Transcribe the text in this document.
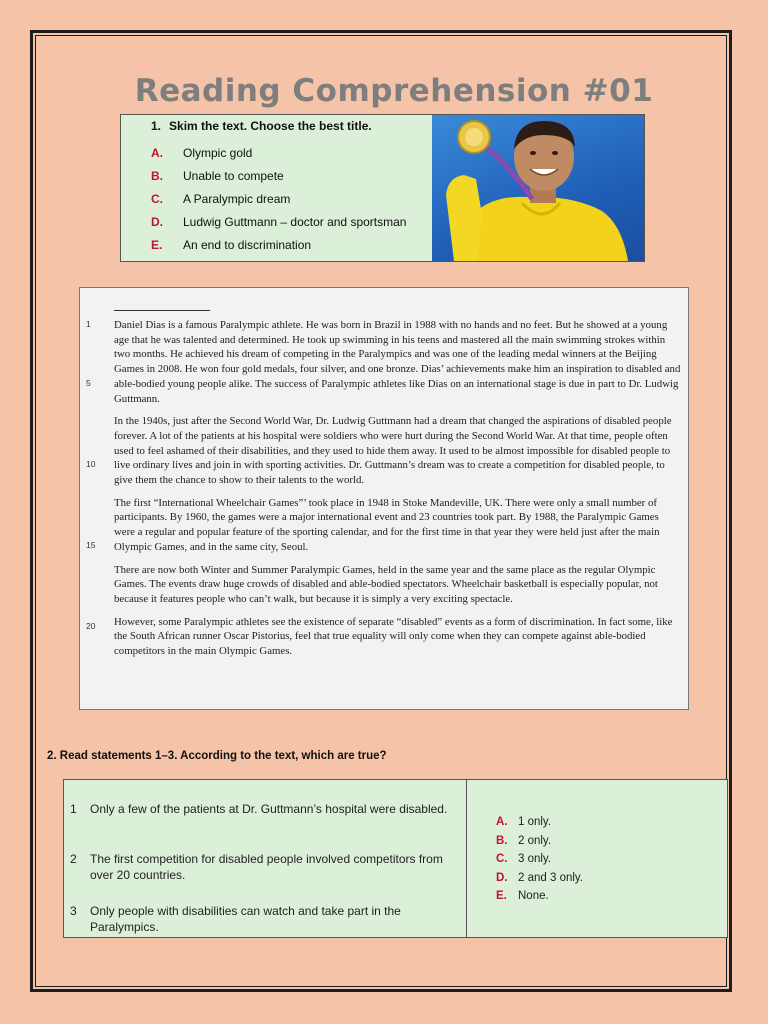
Reading Comprehension #01

1. Skim the text. Choose the best title.

A.	Olympic gold
B.	Unable to compete
C.	A Paralympic dream
D.	Ludwig Guttmann – doctor and sportsman
E.	An end to discrimination
1
5
10
15
20

Daniel Dias is a famous Paralympic athlete. He was born in Brazil in 1988 with no hands and no feet. But he showed at a young age that he was talented and determined. He took up swimming in his teens and mastered all the main swimming strokes within two months. He achieved his dream of competing in the Paralympics and was one of the leading medal winners at the Beijing Games in 2008. He won four gold medals, four silver, and one bronze. Dias’ achievements make him an inspiration to disabled and able-bodied young people alike. The success of Paralympic athletes like Dias on an international stage is due in part to Dr. Ludwig Guttmann.

In the 1940s, just after the Second World War, Dr. Ludwig Guttmann had a dream that changed the aspirations of disabled people forever. A lot of the patients at his hospital were soldiers who were hurt during the Second World War. At that time, people often used to feel ashamed of their disabilities, and they used to hide them away. It used to be almost impossible for disabled people to live ordinary lives and join in with sporting activities. Dr. Guttmann’s dream was to create a competition for disabled people, to give them the chance to show to their talents to the world.

The first “International Wheelchair Games”’ took place in 1948 in Stoke Mandeville, UK. There were only a small number of participants. By 1960, the games were a major international event and 23 countries took part. By 1988, the Paralympic Games were a regular and popular feature of the sporting calendar, and for the first time in that year they were held just after the main Olympic Games, and in the same city, Seoul.

There are now both Winter and Summer Paralympic Games, held in the same year and the same place as the regular Olympic Games. The events draw huge crowds of disabled and able-bodied spectators. Wheelchair basketball is especially popular, not because it features people who can’t walk, but because it is simply a very exciting spectacle.

However, some Paralympic athletes see the existence of separate “disabled” events as a form of discrimination. In fact some, like the South African runner Oscar Pistorius, feel that true equality will only come when they can compete against able-bodied competitors in the main Olympic Games.

2. Read statements 1–3. According to the text, which are true?

1	Only a few of the patients at Dr. Guttmann’s hospital were disabled.
2	The first competition for disabled people involved competitors from over 20 countries.
3	Only people with disabilities can watch and take part in the Paralympics.
A. 1 only.
B. 2 only.
C. 3 only.
D. 2 and 3 only.
E. None.
